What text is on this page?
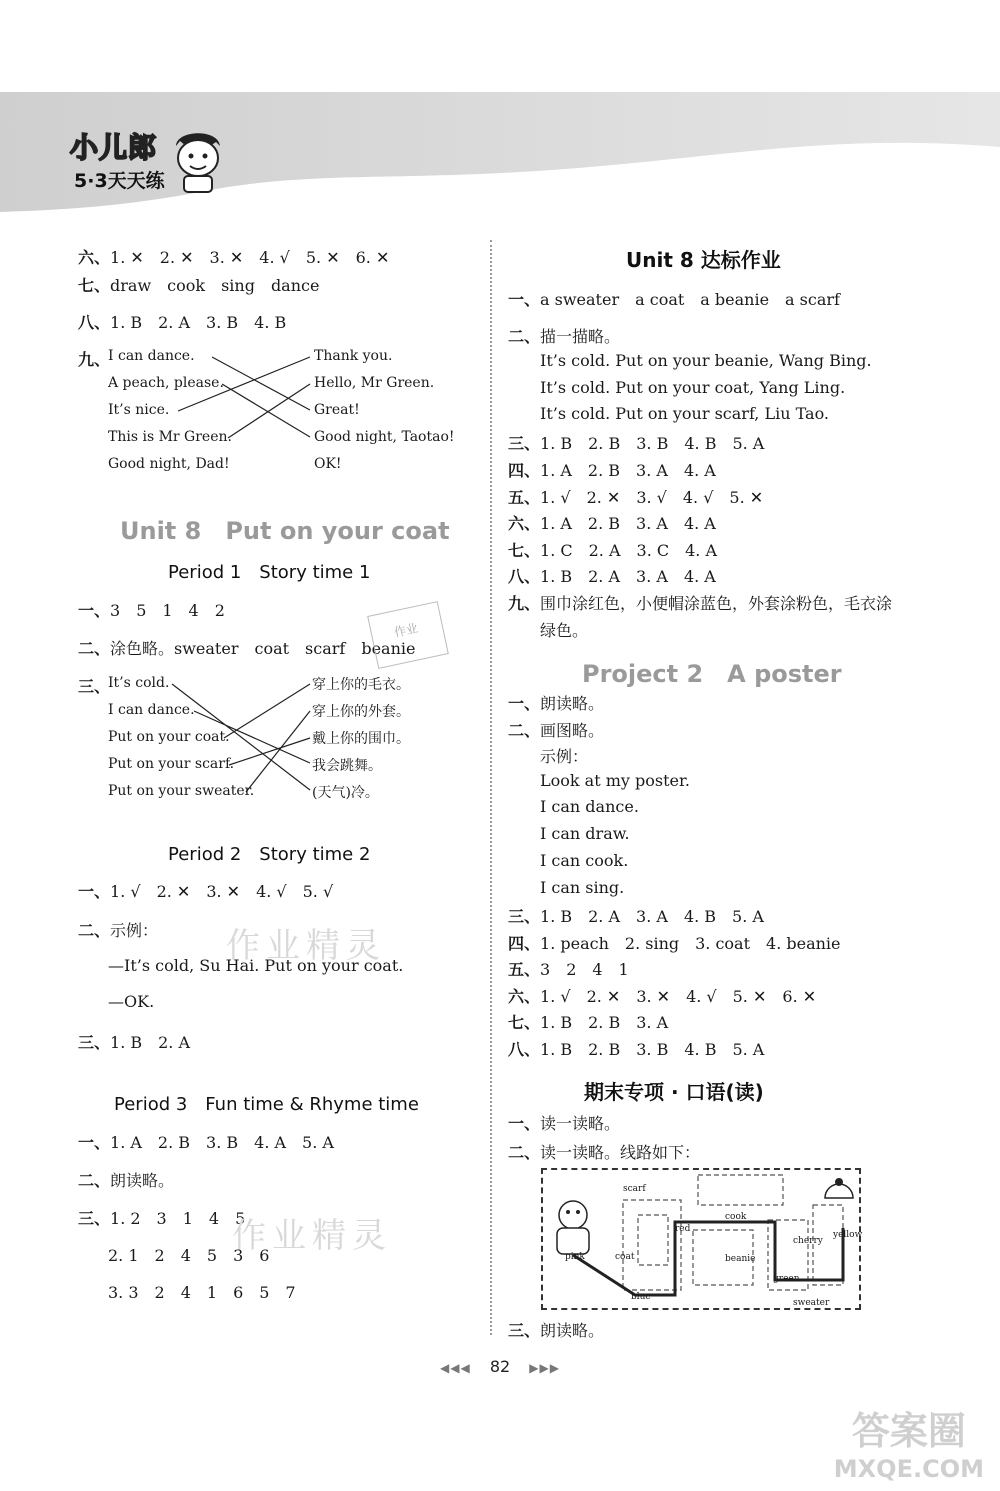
小儿郎
5·3天天练
六、1. ✕　2. ✕　3. ✕　4. √　5. ✕　6. ✕
七、draw　cook　sing　dance
八、1. B　2. A　3. B　4. B
九、
I can dance.
A peach, please.
It’s nice.
This is Mr Green.
Good night, Dad!
Thank you.
Hello, Mr Green.
Great!
Good night, Taotao!
OK!
Unit 8　Put on your coat
Period 1　Story time 1
一、3　5　1　4　2
二、涂色略。sweater　coat　scarf　beanie
三、
It’s cold.
I can dance.
Put on your coat.
Put on your scarf.
Put on your sweater.
穿上你的毛衣。
穿上你的外套。
戴上你的围巾。
我会跳舞。
(天气)冷。
作业
Period 2　Story time 2
一、1. √　2. ✕　3. ✕　4. √　5. √
二、示例： 作业精灵
—It’s cold, Su Hai. Put on your coat.
—OK.
三、1. B　2. A
Period 3　Fun time & Rhyme time
一、1. A　2. B　3. B　4. A　5. A
二、朗读略。
三、1. 2　3　1　4　5
作业精灵
2. 1　2　4　5　3　6
3. 3　2　4　1　6　5　7
Unit 8 达标作业
一、a sweater　a coat　a beanie　a scarf
二、描一描略。
It’s cold. Put on your beanie, Wang Bing.
It’s cold. Put on your coat, Yang Ling.
It’s cold. Put on your scarf, Liu Tao.
三、1. B　2. B　3. B　4. B　5. A
四、1. A　2. B　3. A　4. A
五、1. √　2. ✕　3. √　4. √　5. ✕
六、1. A　2. B　3. A　4. A
七、1. C　2. A　3. C　4. A
八、1. B　2. A　3. A　4. A
九、围巾涂红色，小便帽涂蓝色，外套涂粉色，毛衣涂
绿色。
Project 2　A poster
一、朗读略。
二、画图略。
示例：
Look at my poster.
I can dance.
I can draw.
I can cook.
I can sing.
三、1. B　2. A　3. A　4. B　5. A
四、1. peach　2. sing　3. coat　4. beanie
五、3　2　4　1
六、1. √　2. ✕　3. ✕　4. √　5. ✕　6. ✕
七、1. B　2. B　3. A
八、1. B　2. B　3. B　4. B　5. A
期末专项 · 口语(读)
一、读一读略。
二、读一读略。线路如下：
scarf
cook
red
pink	coat	beanie
cherry
yellow
green
blue
sweater
三、朗读略。
◀◀◀ 82 ▶▶▶
答案圈
MXQE.COM
